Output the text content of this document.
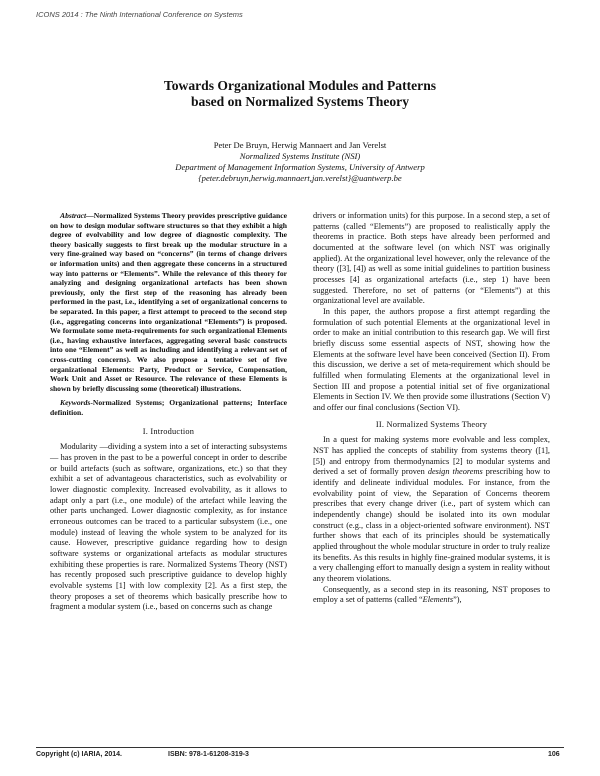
ICONS 2014 : The Ninth International Conference on Systems
Towards Organizational Modules and Patterns
based on Normalized Systems Theory
Peter De Bruyn, Herwig Mannaert and Jan Verelst
Normalized Systems Institute (NSI)
Department of Management Information Systems, University of Antwerp
{peter.debruyn,herwig.mannaert,jan.verelst}@uantwerp.be

Abstract—Normalized Systems Theory provides prescriptive guidance on how to design modular software structures so that they exhibit a high degree of evolvability and low degree of diagnostic complexity. The theory basically suggests to first break up the modular structure in a very fine-grained way based on “concerns” (in terms of change drivers or information units) and then aggregate these concerns in a structured way into patterns or “Elements”. While the relevance of this theory for analyzing and designing organizational artefacts has been shown previously, only the first step of the reasoning has already been performed in the past, i.e., identifying a set of organizational concerns to be separated. In this paper, a first attempt to proceed to the second step (i.e., aggregating concerns into organizational “Elements”) is proposed. We formulate some meta-requirements for such organizational Elements (i.e., having exhaustive interfaces, aggregating several basic constructs into one “Element” as well as including and identifying a relevant set of cross-cutting concerns). We also propose a tentative set of five organizational Elements: Party, Product or Service, Compensation, Work Unit and Asset or Resource. The relevance of these Elements is shown by briefly discussing some (theoretical) illustrations.

Keywords-Normalized Systems; Organizational patterns; Interface definition.

I. Introduction

Modularity —dividing a system into a set of interacting subsystems— has proven in the past to be a powerful concept in order to describe or build artefacts (such as software, organizations, etc.) so that they exhibit a set of advantageous characteristics, such as evolvability or lower diagnostic complexity. Increased evolvability, as it allows to adapt only a part (i.e., one module) of the artefact while leaving the other parts unchanged. Lower diagnostic complexity, as for instance erroneous outcomes can be traced to a particular subsystem (i.e., one module) instead of leaving the whole system to be analyzed for its cause. However, prescriptive guidance regarding how to design software systems or organizational artefacts as modular structures exhibiting these properties is rare. Normalized Systems Theory (NST) has recently proposed such prescriptive guidance to develop highly evolvable systems [1] with low complexity [2]. As a first step, the theory proposes a set of theorems which basically prescribe how to fragment a modular system (i.e., based on concerns such as change

drivers or information units) for this purpose. In a second step, a set of patterns (called “Elements”) are proposed to realistically apply the theorems in practice. Both steps have already been performed and documented at the software level (on which NST was originally applied). At the organizational level however, only the relevance of the theory ([3], [4]) as well as some initial guidelines to partition business processes [4] as organizational artefacts (i.e., step 1) have been suggested. Therefore, no set of patterns (or “Elements”) at this organizational level are available.

In this paper, the authors propose a first attempt regarding the formulation of such potential Elements at the organizational level in order to make an initial contribution to this research gap. We will first briefly discuss some essential aspects of NST, showing how the Elements at the software level have been conceived (Section II). From this discussion, we derive a set of meta-requirement which should be fulfilled when formulating Elements at the organizational level in Section III and propose a potential initial set of five organizational Elements in Section IV. We then provide some illustrations (Section V) and offer our final conclusions (Section VI).

II. Normalized Systems Theory

In a quest for making systems more evolvable and less complex, NST has applied the concepts of stability from systems theory ([1], [5]) and entropy from thermodynamics [2] to modular systems and derived a set of formally proven design theorems prescribing how to identify and delineate individual modules. For instance, from the evolvability point of view, the Separation of Concerns theorem prescribes that every change driver (i.e., part of system which can independently change) should be isolated into its own modular construct (e.g., class in a object-oriented software environment). NST further shows that each of its principles should be systematically applied throughout the whole modular structure in order to truly realize its benefits. As this results in highly fine-grained modular systems, it is a very challenging effort to manually design a system in reality without any theorem violations.

Consequently, as a second step in its reasoning, NST proposes to employ a set of patterns (called “Elements”),

Copyright (c) IARIA, 2014.	ISBN: 978-1-61208-319-3	106
